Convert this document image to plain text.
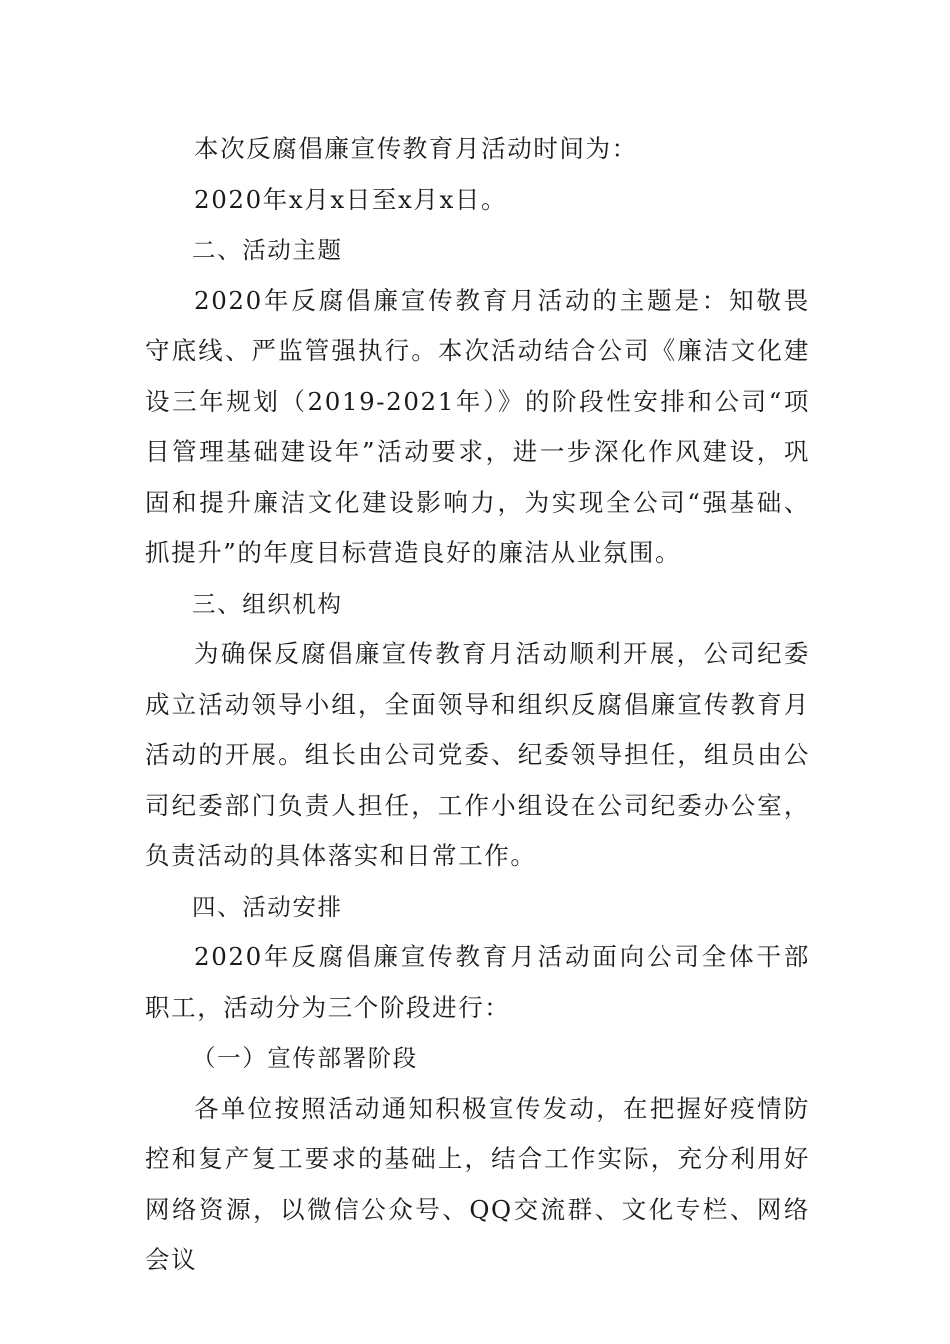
本次反腐倡廉宣传教育月活动时间为：

2020年x月x日至x月x日。

二、活动主题

2020年反腐倡廉宣传教育月活动的主题是：知敬畏守底线、严监管强执行。本次活动结合公司《廉洁文化建设三年规划（2019-2021年）》的阶段性安排和公司“项目管理基础建设年”活动要求，进一步深化作风建设，巩固和提升廉洁文化建设影响力，为实现全公司“强基础、抓提升”的年度目标营造良好的廉洁从业氛围。

三、组织机构

为确保反腐倡廉宣传教育月活动顺利开展，公司纪委成立活动领导小组，全面领导和组织反腐倡廉宣传教育月活动的开展。组长由公司党委、纪委领导担任，组员由公司纪委部门负责人担任，工作小组设在公司纪委办公室，负责活动的具体落实和日常工作。

四、活动安排

2020年反腐倡廉宣传教育月活动面向公司全体干部职工，活动分为三个阶段进行：

（一）宣传部署阶段

各单位按照活动通知积极宣传发动，在把握好疫情防控和复产复工要求的基础上，结合工作实际，充分利用好网络资源，以微信公众号、QQ交流群、文化专栏、网络会议
